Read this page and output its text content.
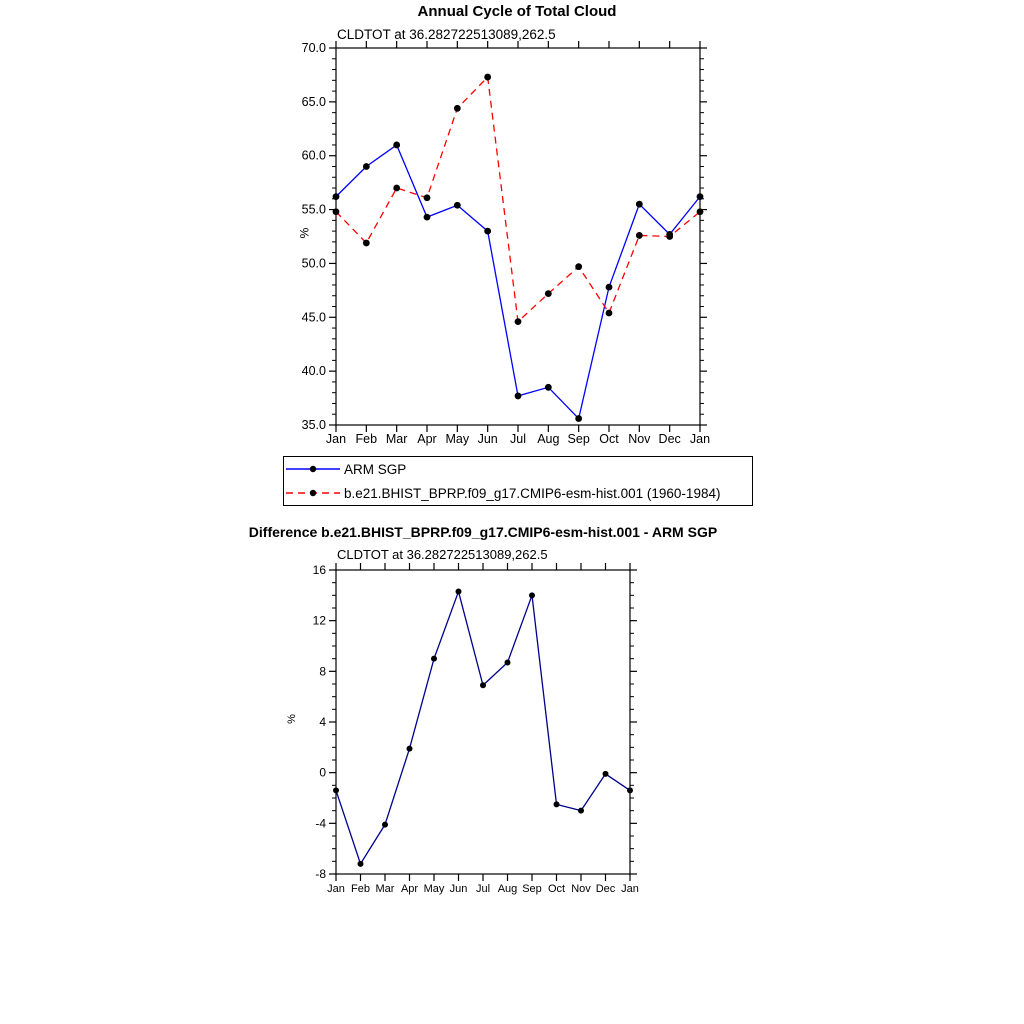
Annual Cycle of Total Cloud
CLDTOT at 36.282722513089,262.5
%
35.0
40.0
45.0
50.0
55.0
60.0
65.0
70.0
Jan Feb Mar Apr May Jun Jul Aug Sep Oct Nov Dec Jan
ARM SGP
b.e21.BHIST_BPRP.f09_g17.CMIP6-esm-hist.001 (1960-1984)
Difference b.e21.BHIST_BPRP.f09_g17.CMIP6-esm-hist.001 - ARM SGP
CLDTOT at 36.282722513089,262.5
%
-8
-4
0
4
8
12
16
Jan Feb Mar Apr May Jun Jul Aug Sep Oct Nov Dec Jan
